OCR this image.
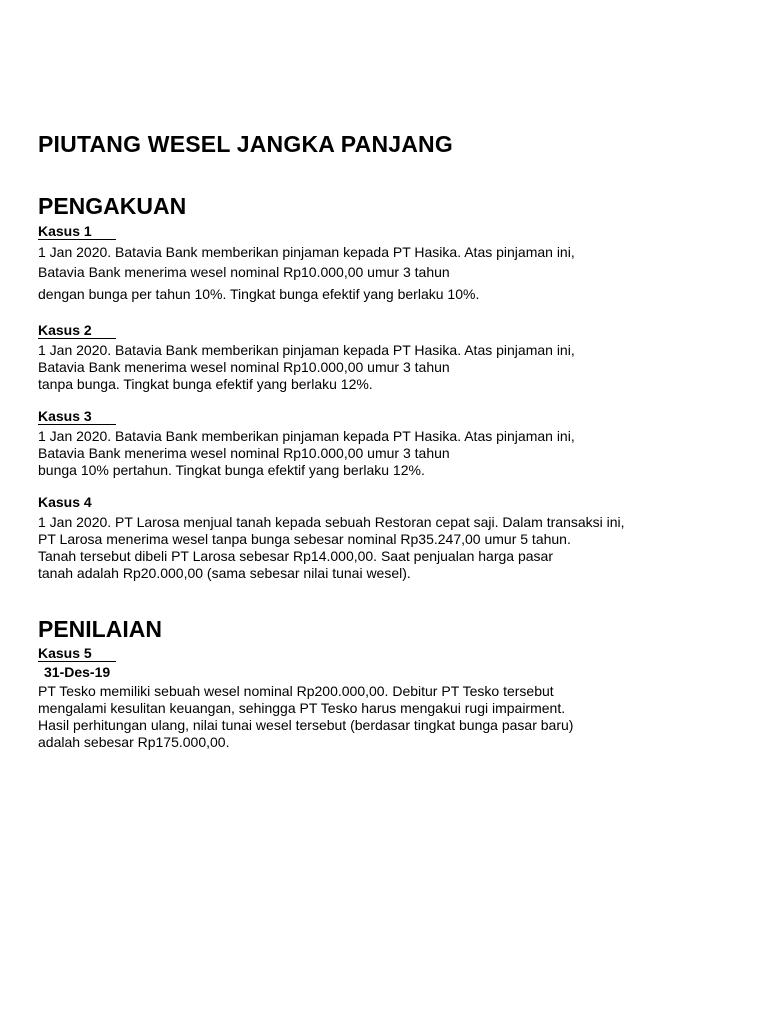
PIUTANG WESEL JANGKA PANJANG
PENGAKUAN
Kasus 1
1 Jan 2020. Batavia Bank memberikan pinjaman kepada PT Hasika. Atas pinjaman ini,
Batavia Bank menerima wesel nominal Rp10.000,00 umur 3 tahun
dengan bunga per tahun 10%. Tingkat bunga efektif yang berlaku 10%.
Kasus 2
1 Jan 2020. Batavia Bank memberikan pinjaman kepada PT Hasika. Atas pinjaman ini,
Batavia Bank menerima wesel nominal Rp10.000,00 umur 3 tahun
tanpa bunga. Tingkat bunga efektif yang berlaku 12%.
Kasus 3
1 Jan 2020. Batavia Bank memberikan pinjaman kepada PT Hasika. Atas pinjaman ini,
Batavia Bank menerima wesel nominal Rp10.000,00 umur 3 tahun
bunga 10% pertahun. Tingkat bunga efektif yang berlaku 12%.
Kasus 4
1 Jan 2020. PT Larosa menjual tanah kepada sebuah Restoran cepat saji. Dalam transaksi ini,
PT Larosa menerima wesel tanpa bunga sebesar nominal Rp35.247,00 umur 5 tahun.
Tanah tersebut dibeli PT Larosa sebesar Rp14.000,00. Saat penjualan harga pasar
tanah adalah Rp20.000,00 (sama sebesar nilai tunai wesel).
PENILAIAN
Kasus 5
31-Des-19
PT Tesko memiliki sebuah wesel nominal Rp200.000,00. Debitur PT Tesko tersebut
mengalami kesulitan keuangan, sehingga PT Tesko harus mengakui rugi impairment.
Hasil perhitungan ulang, nilai tunai wesel tersebut (berdasar tingkat bunga pasar baru)
adalah sebesar Rp175.000,00.
